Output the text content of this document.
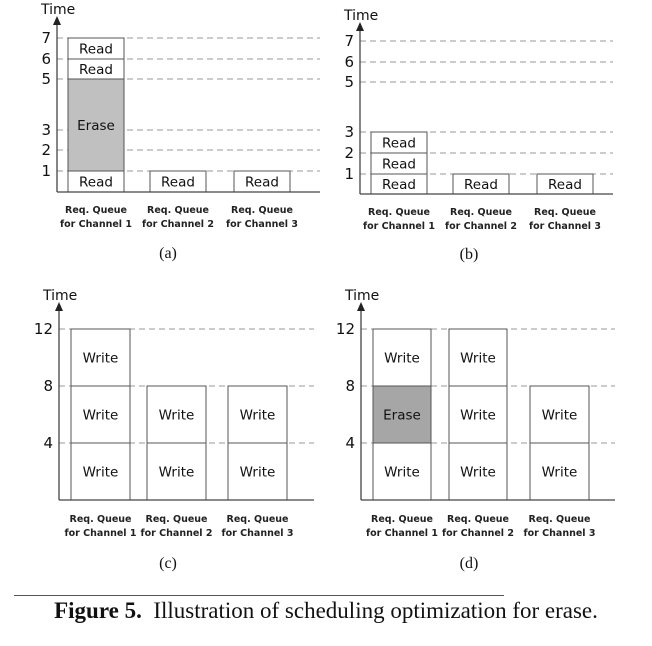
1
2
3
5
6
7
Read
Erase
Read
Read
Req. Queue
for Channel 1
Read
Req. Queue
for Channel 2
Read
Req. Queue
for Channel 3
Time
(a)
1
2
3
5
6
7
Read
Read
Read
Req. Queue
for Channel 1
Read
Req. Queue
for Channel 2
Read
Req. Queue
for Channel 3
Time
(b)
4
8
12
Write
Write
Write
Req. Queue
for Channel 1
Write
Write
Req. Queue
for Channel 2
Write
Write
Req. Queue
for Channel 3
Time
(c)
4
8
12
Write
Erase
Write
Req. Queue
for Channel 1
Write
Write
Write
Req. Queue
for Channel 2
Write
Write
Req. Queue
for Channel 3
Time
(d)
Figure 5. Illustration of scheduling optimization for erase.
